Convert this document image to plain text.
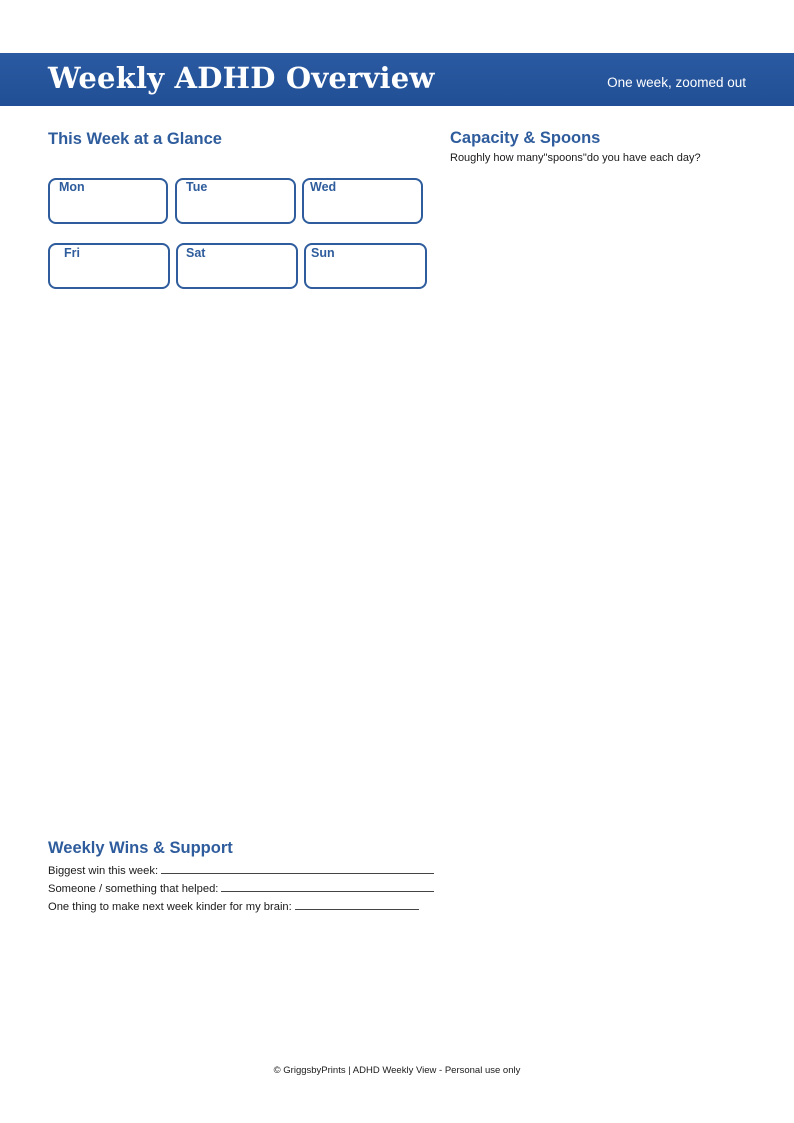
Weekly ADHD Overview	One week, zoomed out
This Week at a Glance
Mon	Tue	Wed
Fri	Sat	Sun
Capacity & Spoons
Roughly how many"spoons"do you have each day?
Weekly Wins & Support
Biggest win this week:
Someone / something that helped:
One thing to make next week kinder for my brain:
© GriggsbyPrints | ADHD Weekly View - Personal use only
